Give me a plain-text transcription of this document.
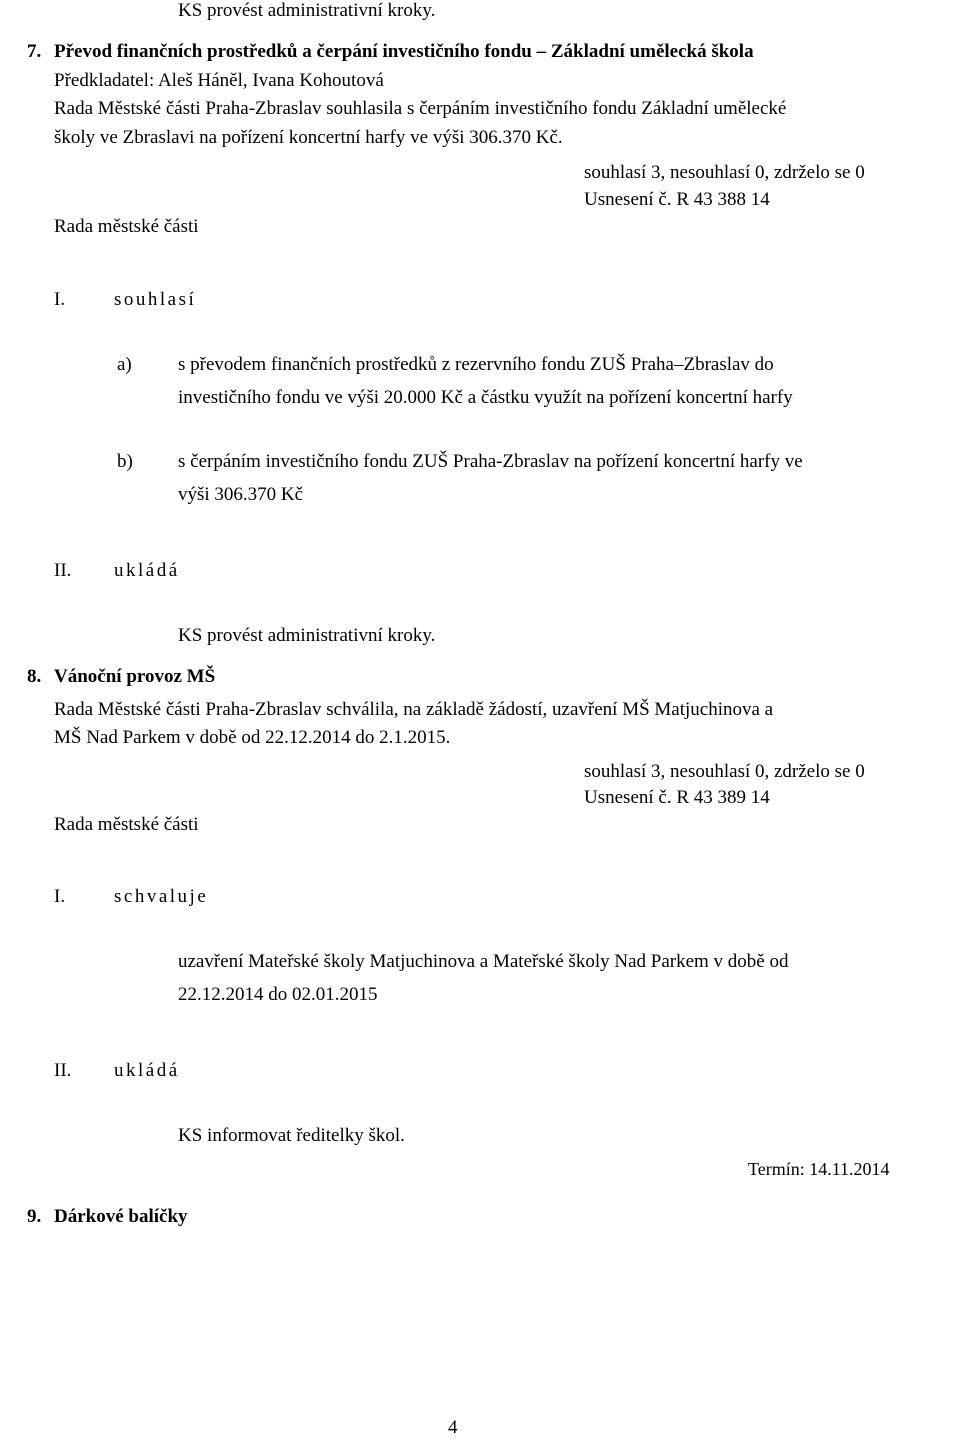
KS provést administrativní kroky.
7. Převod finančních prostředků a čerpání investičního fondu – Základní umělecká škola
Předkladatel: Aleš Háněl, Ivana Kohoutová
Rada Městské části Praha-Zbraslav souhlasila s čerpáním investičního fondu Základní umělecké
školy ve Zbraslavi na pořízení koncertní harfy ve výši 306.370 Kč.
souhlasí 3, nesouhlasí 0, zdrželo se 0
Usnesení č. R 43 388 14
Rada městské části
I.	souhlasí
a) s převodem finančních prostředků z rezervního fondu ZUŠ Praha–Zbraslav do
investičního fondu ve výši 20.000 Kč a částku využít na pořízení koncertní harfy
b) s čerpáním investičního fondu ZUŠ Praha-Zbraslav na pořízení koncertní harfy ve
výši 306.370 Kč
II. ukládá
KS provést administrativní kroky.
8. Vánoční provoz MŠ
Rada Městské části Praha-Zbraslav schválila, na základě žádostí, uzavření MŠ Matjuchinova a
MŠ Nad Parkem v době od 22.12.2014 do 2.1.2015.
souhlasí 3, nesouhlasí 0, zdrželo se 0
Usnesení č. R 43 389 14
Rada městské části
I.	schvaluje
uzavření Mateřské školy Matjuchinova a Mateřské školy Nad Parkem v době od
22.12.2014 do 02.01.2015
II. ukládá
KS informovat ředitelky škol.
Termín: 14.11.2014
9. Dárkové balíčky
4
